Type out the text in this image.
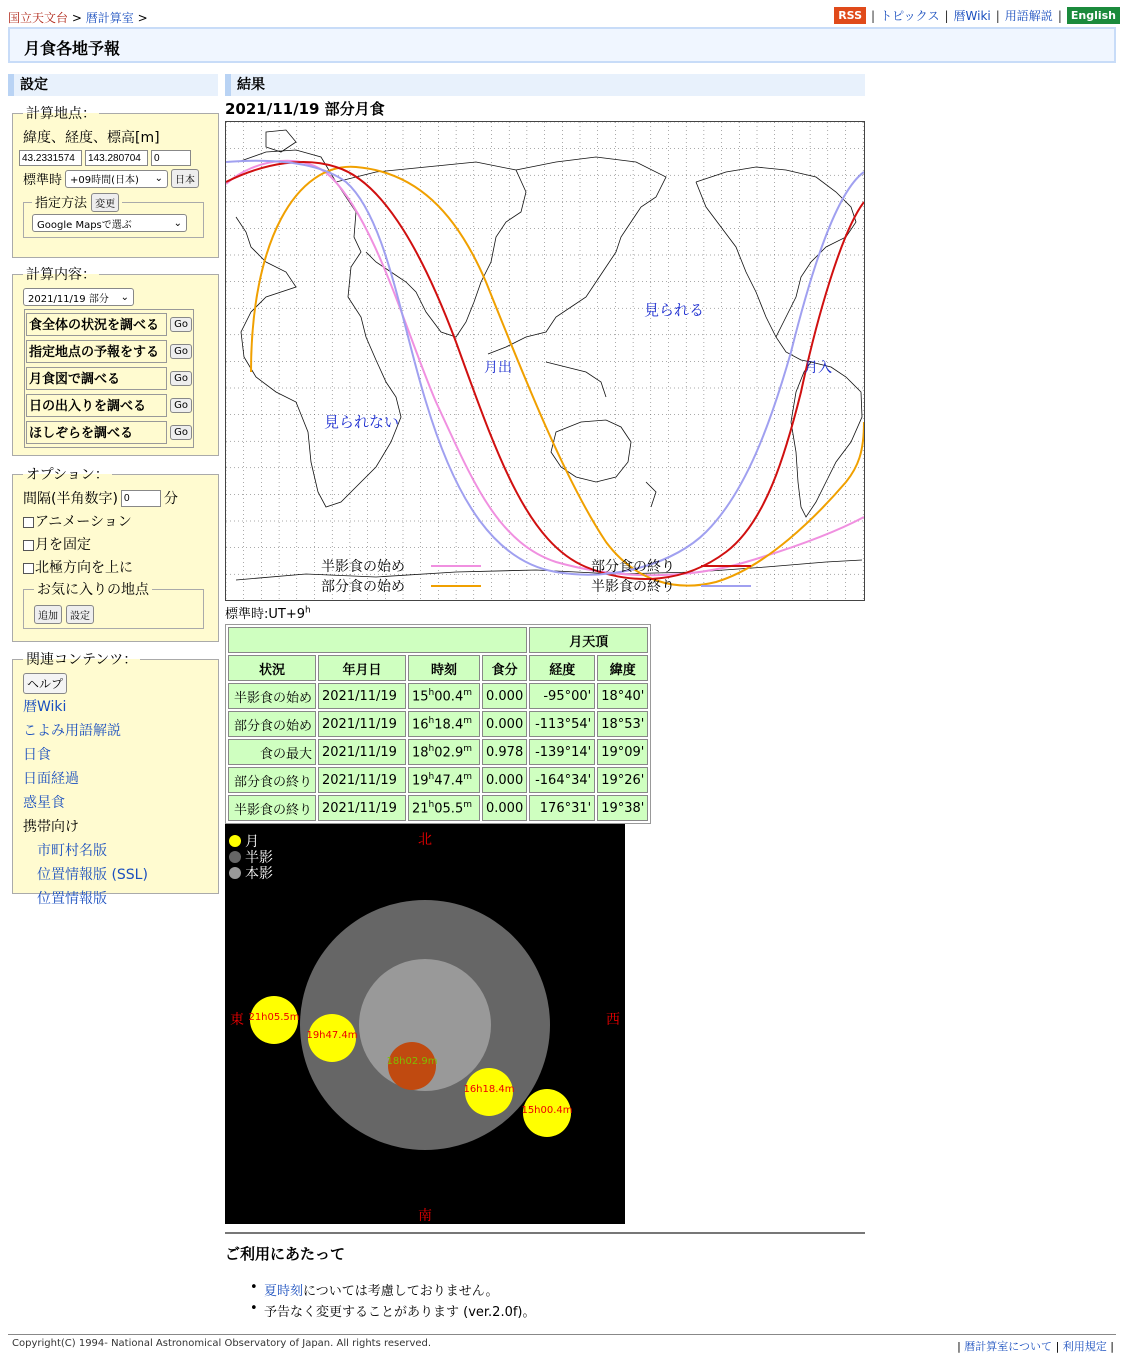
国立天文台 > 暦計算室 >	RSS | トピックス | 暦Wiki | 用語解説 | English
月食各地予報
設定
計算地点：
緯度、経度、標高[m]
43.2331574
143.280704
0
標準時 +09時間(日本) ⌄	日本
指定方法 変更
Google Mapsで選ぶ	⌄
計算内容：
2021/11/19 部分 ⌄
食全体の状況を調べる	Go
指定地点の予報をする	Go
月食図で調べる	Go
日の出入りを調べる	Go
ほしぞらを調べる	Go
オプション：
間隔(半角数字)
0	分
アニメーション
月を固定
北極方向を上に
お気に入りの地点
追加	設定
関連コンテンツ：
ヘルプ
暦Wiki
こよみ用語解説
日食
日面経過
惑星食
携帯向け
市町村名版
位置情報版 (SSL)
位置情報版
結果
2021/11/19 部分月食
見られる
見られない
月出	月入
半影食の始め
部分食の始め
部分食の終り
半影食の終り
標準時$:UT+9^h$
				月天頂	
状況	年月日	時刻	食分	経度	緯度
半影食の始め	2021/11/19	15$^h$00.4$^m$	0.000	-95°00'	18°40'
部分食の始め	2021/11/19	16$^h$18.4$^m$	0.000	-113°54'	18°53'
食の最大	2021/11/19	18$^h$02.9$^m$	0.978	-139°14'	19°09'
部分食の終り	2021/11/19	19$^h$47.4$^m$	0.000	-164°34'	19°26'
半影食の終り	2021/11/19	21$^h$05.5$^m$	0.000	176°31'	19°38'
月
半影
本影
北
南
東	西
21h05.5m
19h47.4m
18h02.9m
16h18.4m
15h00.4m
ご利用にあたって
• 夏時刻については考慮しておりません。
• 予告なく変更することがあります (ver.2.0f)。
Copyright(C) 1994- National Astronomical Observatory of Japan. All rights reserved.	| 暦計算室について | 利用規定 |
